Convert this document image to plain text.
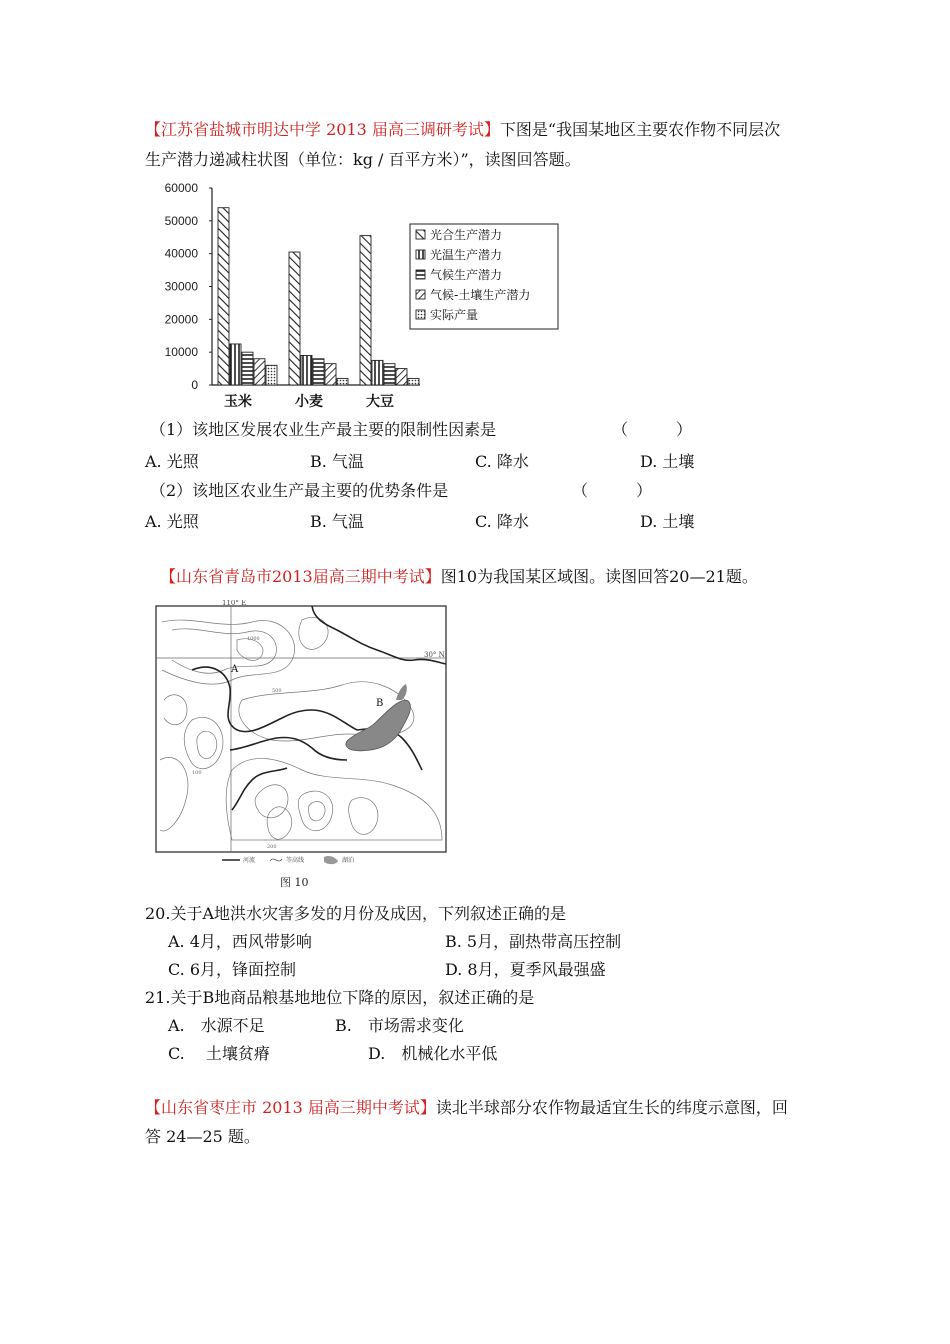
【江苏省盐城市明达中学 2013 届高三调研考试】下图是“我国某地区主要农作物不同层次
生产潜力递减柱状图（单位：kg / 百平方米）”，读图回答题。
60000
50000
40000
30000
20000
10000
0
玉米	小麦	大豆
光合生产潜力
光温生产潜力
气候生产潜力
气候-土壤生产潜力
实际产量
（1）该地区发展农业生产最主要的限制性因素是	（　　　）
A. 光照	B. 气温	C. 降水	D. 土壤
（2）该地区农业生产最主要的优势条件是	（　　　）
A. 光照	B. 气温	C. 降水	D. 土壤
【山东省青岛市2013届高三期中考试】图10为我国某区域图。读图回答20—21题。
110° E
30° N
A
B
1000
500
100
200
河流	等高线	湖泊
图 10
20.关于A地洪水灾害多发的月份及成因，下列叙述正确的是
A. 4月，西风带影响	B. 5月，副热带高压控制
C. 6月，锋面控制	D. 8月，夏季风最强盛
21.关于B地商品粮基地地位下降的原因，叙述正确的是
A.　水源不足	B.　市场需求变化
C.　 土壤贫瘠	D.　机械化水平低
【山东省枣庄市 2013 届高三期中考试】读北半球部分农作物最适宜生长的纬度示意图，回
答 24—25 题。
